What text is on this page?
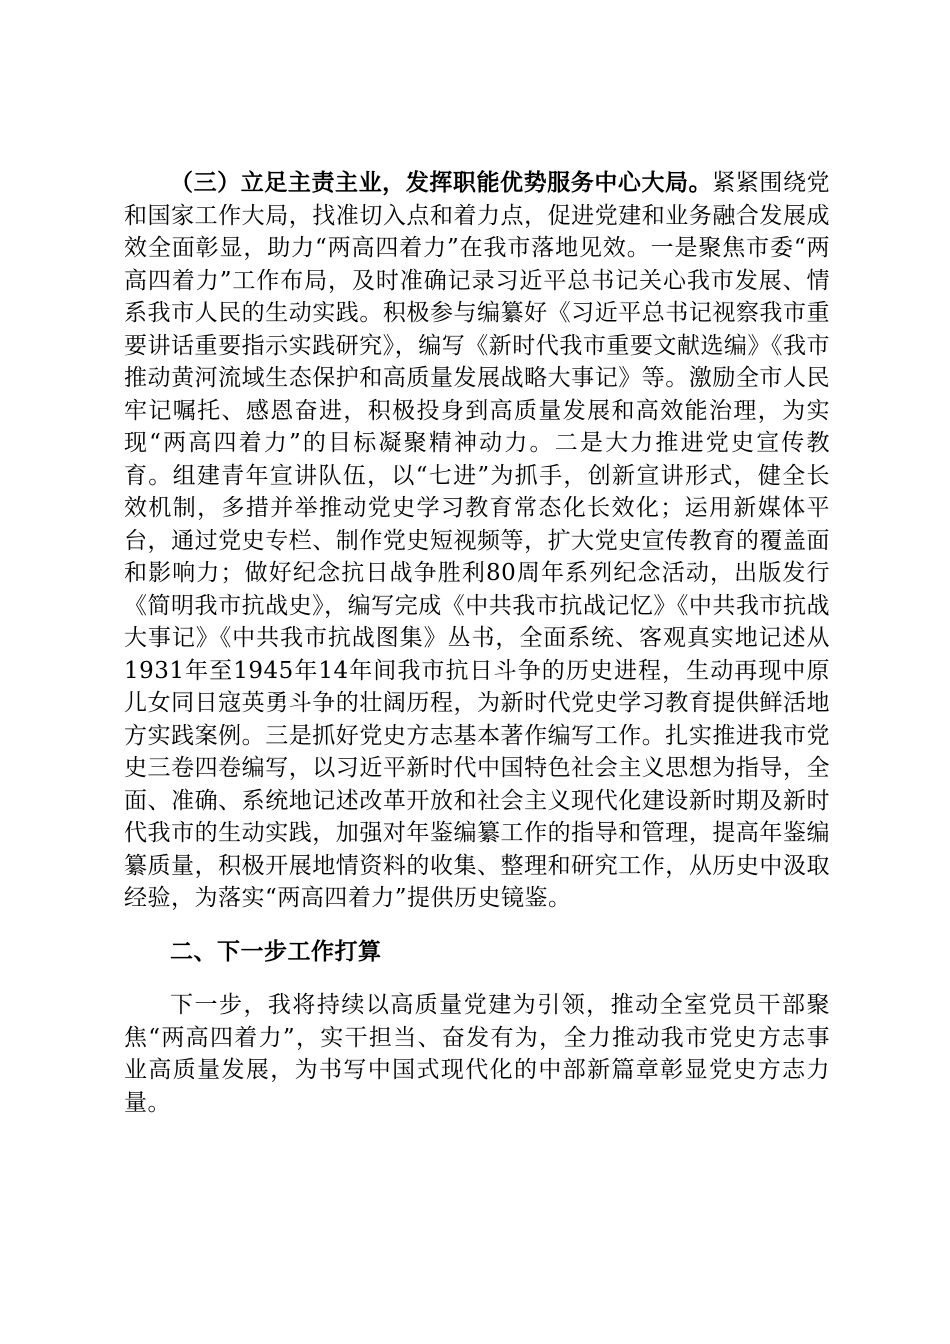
（三）立足主责主业，发挥职能优势服务中心大局。紧紧围绕党和国家工作大局，找准切入点和着力点，促进党建和业务融合发展成效全面彰显，助力“两高四着力”在我市落地见效。一是聚焦市委“两高四着力”工作布局，及时准确记录习近平总书记关心我市发展、情系我市人民的生动实践。积极参与编纂好《习近平总书记视察我市重要讲话重要指示实践研究》，编写《新时代我市重要文献选编》《我市推动黄河流域生态保护和高质量发展战略大事记》等。激励全市人民牢记嘱托、感恩奋进，积极投身到高质量发展和高效能治理，为实现“两高四着力”的目标凝聚精神动力。二是大力推进党史宣传教育。组建青年宣讲队伍，以“七进”为抓手，创新宣讲形式，健全长效机制，多措并举推动党史学习教育常态化长效化；运用新媒体平台，通过党史专栏、制作党史短视频等，扩大党史宣传教育的覆盖面和影响力；做好纪念抗日战争胜利80周年系列纪念活动，出版发行《简明我市抗战史》，编写完成《中共我市抗战记忆》《中共我市抗战大事记》《中共我市抗战图集》丛书，全面系统、客观真实地记述从1931年至1945年14年间我市抗日斗争的历史进程，生动再现中原儿女同日寇英勇斗争的壮阔历程，为新时代党史学习教育提供鲜活地方实践案例。三是抓好党史方志基本著作编写工作。扎实推进我市党史三卷四卷编写，以习近平新时代中国特色社会主义思想为指导，全面、准确、系统地记述改革开放和社会主义现代化建设新时期及新时代我市的生动实践，加强对年鉴编纂工作的指导和管理，提高年鉴编纂质量，积极开展地情资料的收集、整理和研究工作，从历史中汲取经验，为落实“两高四着力”提供历史镜鉴。

二、下一步工作打算

下一步，我将持续以高质量党建为引领，推动全室党员干部聚焦“两高四着力”，实干担当、奋发有为，全力推动我市党史方志事业高质量发展，为书写中国式现代化的中部新篇章彰显党史方志力量。
